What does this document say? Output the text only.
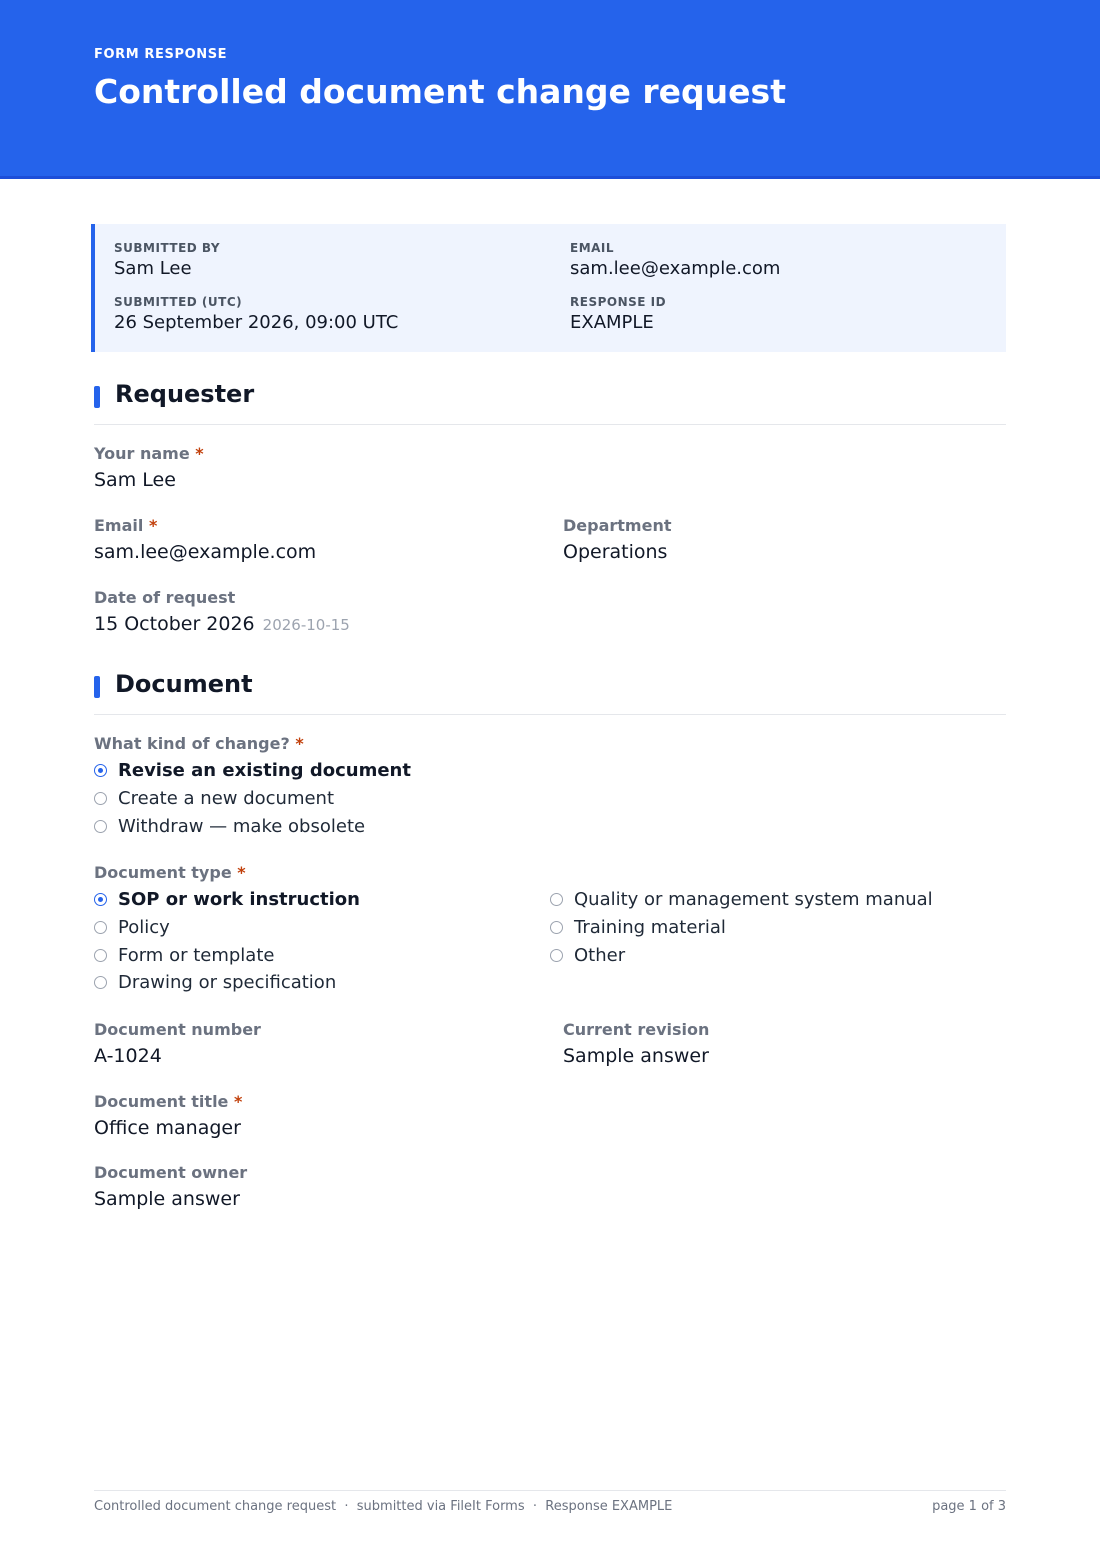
FORM RESPONSE
Controlled document change request
SUBMITTED BY
Sam Lee
EMAIL
sam.lee@example.com
SUBMITTED (UTC)
26 September 2026, 09:00 UTC
RESPONSE ID
EXAMPLE
Requester
Your name *
Sam Lee
Email *
sam.lee@example.com
Department
Operations
Date of request
15 October 2026 2026-10-15
Document
What kind of change? *
Revise an existing document
Create a new document
Withdraw — make obsolete
Document type *
SOP or work instruction
Policy
Form or template
Drawing or specification
Quality or management system manual
Training material
Other
Document number
A-1024
Current revision
Sample answer
Document title *
Office manager
Document owner
Sample answer
Controlled document change request  ·  submitted via FileIt Forms  ·  Response EXAMPLE	page 1 of 3
